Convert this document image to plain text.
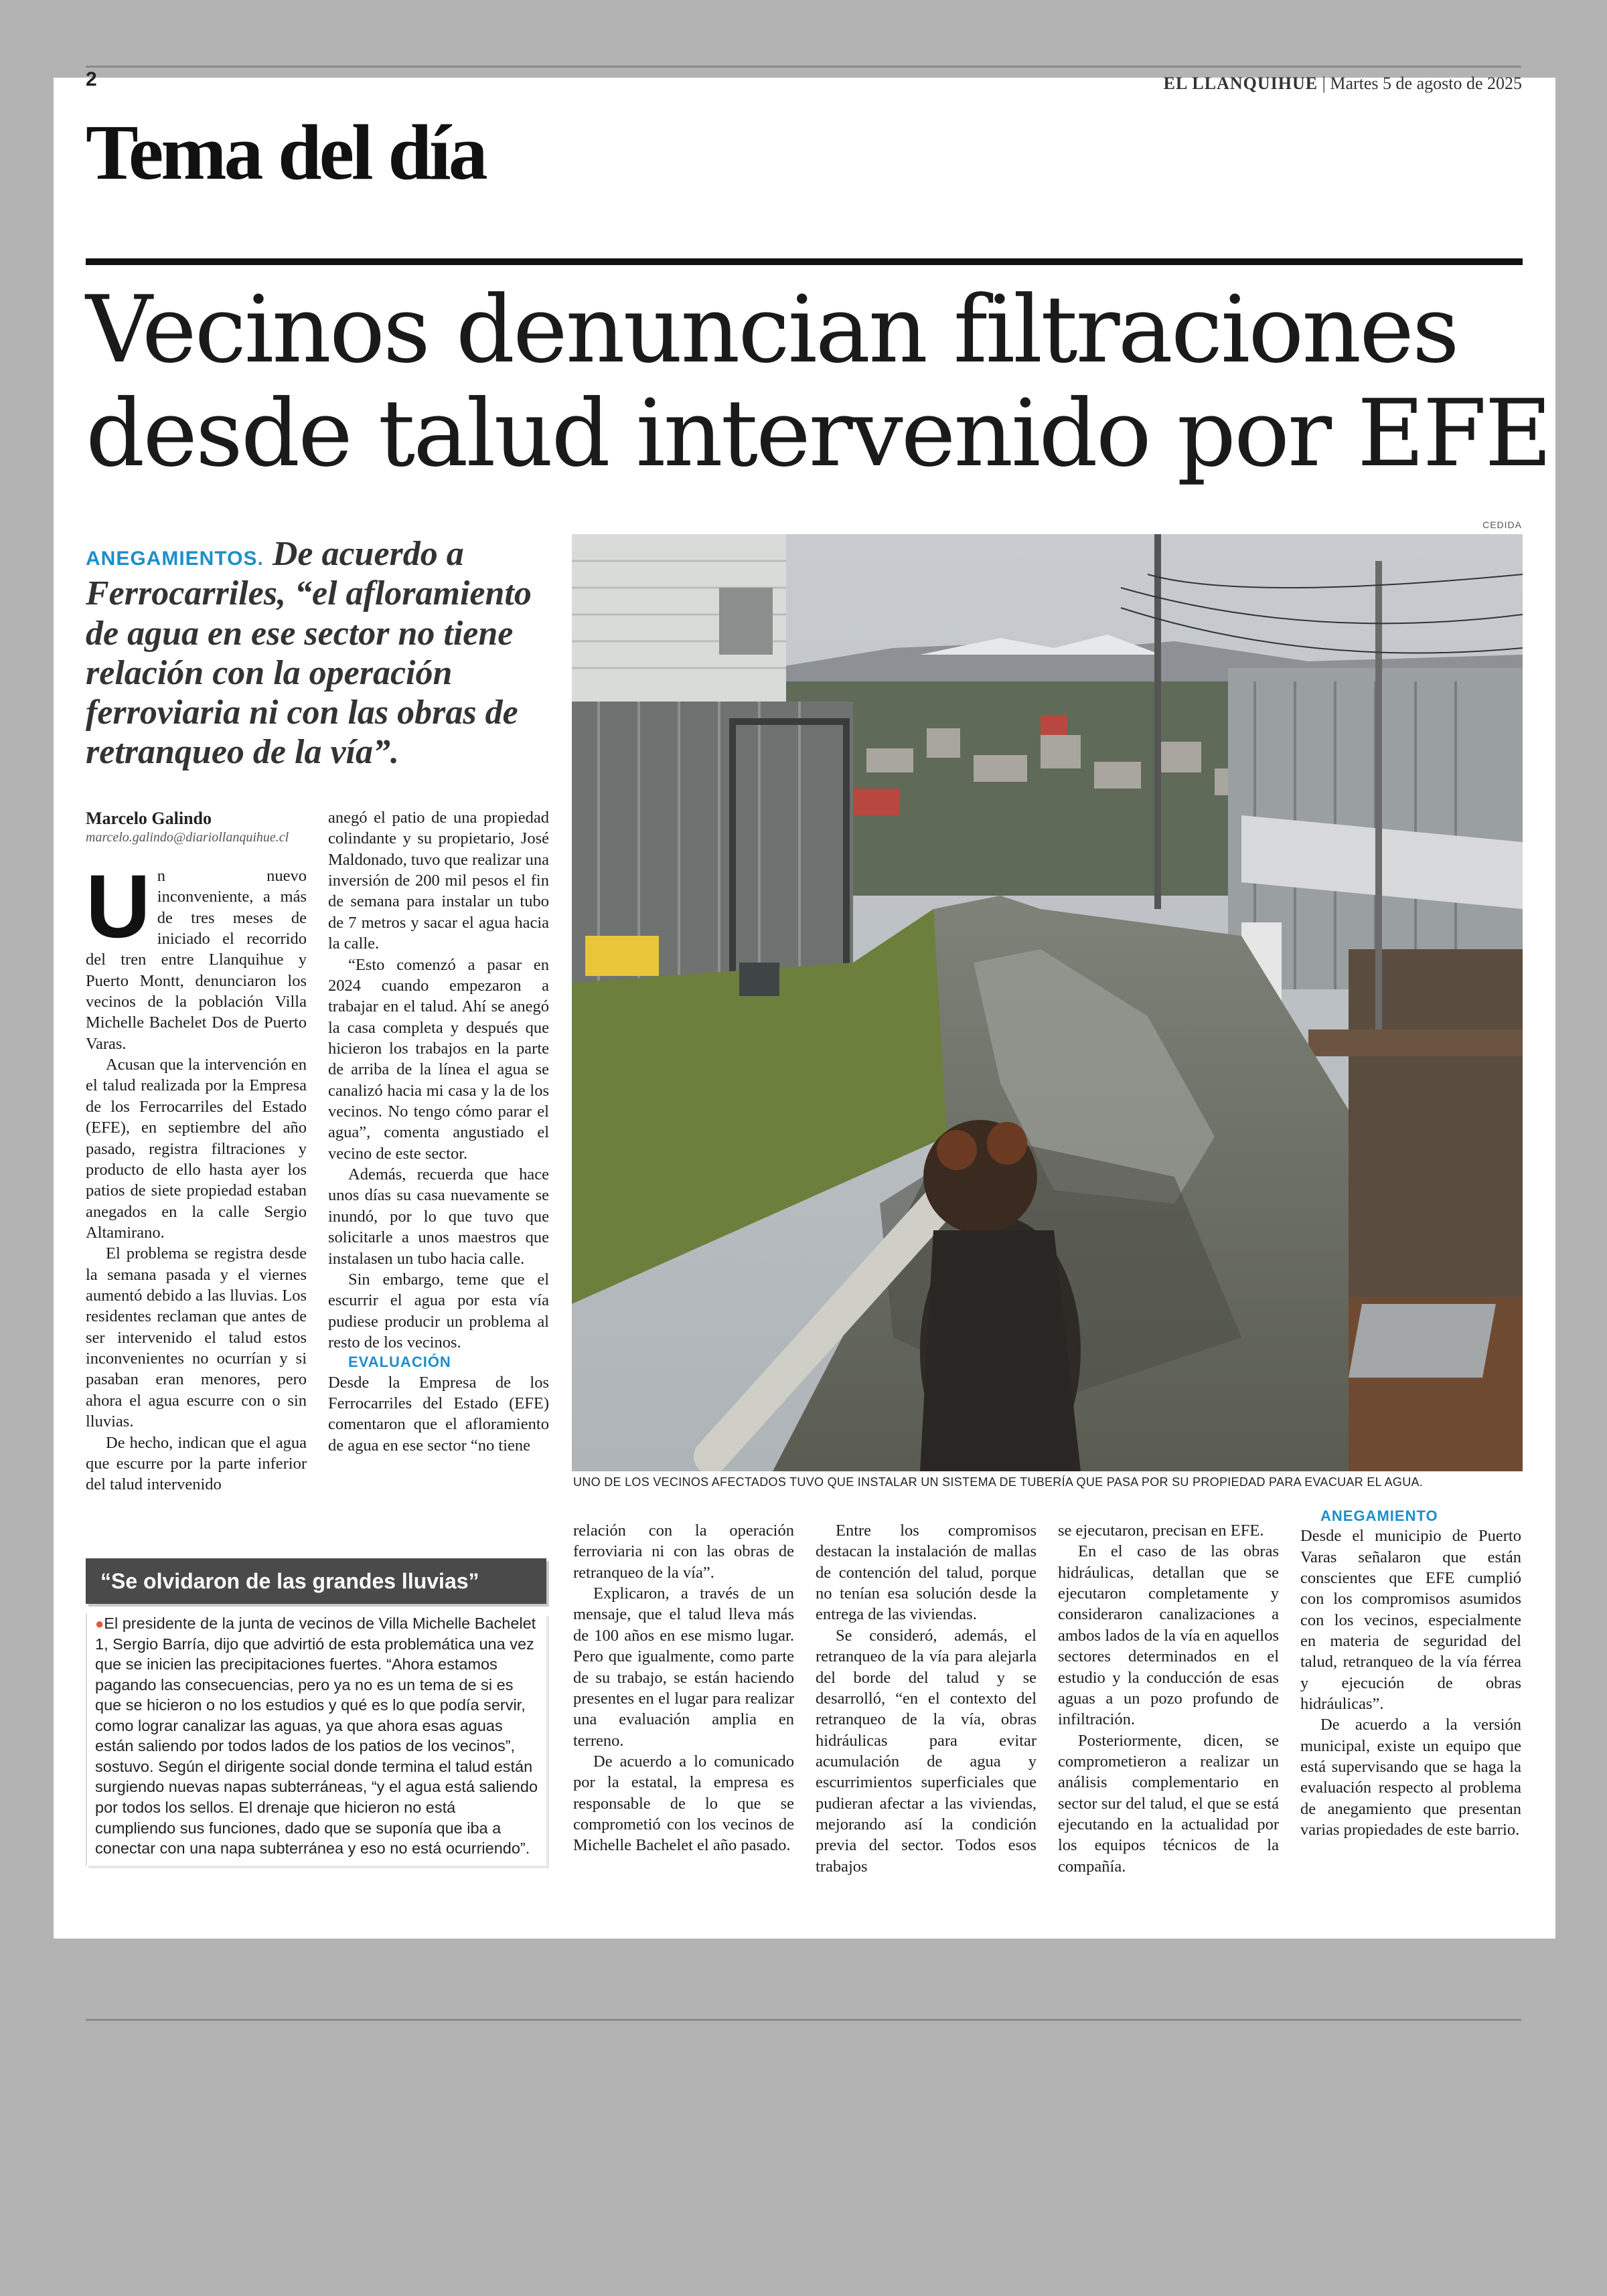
2	EL LLANQUIHUE | Martes 5 de agosto de 2025
Tema del día
Vecinos denuncian filtraciones
desde talud intervenido por EFE
CEDIDA
UNO DE LOS VECINOS AFECTADOS TUVO QUE INSTALAR UN SISTEMA DE TUBERÍA QUE PASA POR SU PROPIEDAD PARA EVACUAR EL AGUA.
ANEGAMIENTOS. De acuerdo a Ferrocarriles, “el afloramiento de agua en ese sector no tiene relación con la operación ferroviaria ni con las obras de retranqueo de la vía”.
Marcelo Galindo
marcelo.galindo@diariollanquihue.cl

Un nuevo inconveniente, a más de tres meses de iniciado el recorrido del tren entre Llanquihue y Puerto Montt, denunciaron los vecinos de la población Villa Michelle Bachelet Dos de Puerto Varas.

Acusan que la intervención en el talud realizada por la Empresa de los Ferrocarriles del Estado (EFE), en septiembre del año pasado, registra filtraciones y producto de ello hasta ayer los patios de siete propiedad estaban anegados en la calle Sergio Altamirano.

El problema se registra desde la semana pasada y el viernes aumentó debido a las lluvias. Los residentes reclaman que antes de ser intervenido el talud estos inconvenientes no ocurrían y si pasaban eran menores, pero ahora el agua escurre con o sin lluvias.

De hecho, indican que el agua que escurre por la parte inferior del talud intervenido

anegó el patio de una propiedad colindante y su propietario, José Maldonado, tuvo que realizar una inversión de 200 mil pesos el fin de semana para instalar un tubo de 7 metros y sacar el agua hacia la calle.

“Esto comenzó a pasar en 2024 cuando empezaron a trabajar en el talud. Ahí se anegó la casa completa y después que hicieron los trabajos en la parte de arriba de la línea el agua se canalizó hacia mi casa y la de los vecinos. No tengo cómo parar el agua”, comenta angustiado el vecino de este sector.

Además, recuerda que hace unos días su casa nuevamente se inundó, por lo que tuvo que solicitarle a unos maestros que instalasen un tubo hacia calle.

Sin embargo, teme que el escurrir el agua por esta vía pudiese producir un problema al resto de los vecinos.

EVALUACIÓN

Desde la Empresa de los Ferrocarriles del Estado (EFE) comentaron que el afloramiento de agua en ese sector “no tiene

“Se olvidaron de las grandes lluvias”
●El presidente de la junta de vecinos de Villa Michelle Bachelet 1, Sergio Barría, dijo que advirtió de esta problemática una vez que se inicien las precipitaciones fuertes. “Ahora estamos pagando las consecuencias, pero ya no es un tema de si es que se hicieron o no los estudios y qué es lo que podía servir, como lograr canalizar las aguas, ya que ahora esas aguas están saliendo por todos lados de los patios de los vecinos”, sostuvo. Según el dirigente social donde termina el talud están surgiendo nuevas napas subterráneas, “y el agua está saliendo por todos los sellos. El drenaje que hicieron no está cumpliendo sus funciones, dado que se suponía que iba a conectar con una napa subterránea y eso no está ocurriendo”.

relación con la operación ferroviaria ni con las obras de retranqueo de la vía”.

Explicaron, a través de un mensaje, que el talud lleva más de 100 años en ese mismo lugar. Pero que igualmente, como parte de su trabajo, se están haciendo presentes en el lugar para realizar una evaluación amplia en terreno.

De acuerdo a lo comunicado por la estatal, la empresa es responsable de lo que se comprometió con los vecinos de Michelle Bachelet el año pasado.

Entre los compromisos destacan la instalación de mallas de contención del talud, porque no tenían esa solución desde la entrega de las viviendas.

Se consideró, además, el retranqueo de la vía para alejarla del borde del talud y se desarrolló, “en el contexto del retranqueo de la vía, obras hidráulicas para evitar acumulación de agua y escurrimientos superficiales que pudieran afectar a las viviendas, mejorando así la condición previa del sector. Todos esos trabajos

se ejecutaron, precisan en EFE.

En el caso de las obras hidráulicas, detallan que se ejecutaron completamente y consideraron canalizaciones a ambos lados de la vía en aquellos sectores determinados en el estudio y la conducción de esas aguas a un pozo profundo de infiltración.

Posteriormente, dicen, se comprometieron a realizar un análisis complementario en sector sur del talud, el que se está ejecutando en la actualidad por los equipos técnicos de la compañía.

ANEGAMIENTO

Desde el municipio de Puerto Varas señalaron que están conscientes que EFE cumplió con los compromisos asumidos con los vecinos, especialmente en materia de seguridad del talud, retranqueo de la vía férrea y ejecución de obras hidráulicas”.

De acuerdo a la versión municipal, existe un equipo que está supervisando que se haga la evaluación respecto al problema de anegamiento que presentan varias propiedades de este barrio.
